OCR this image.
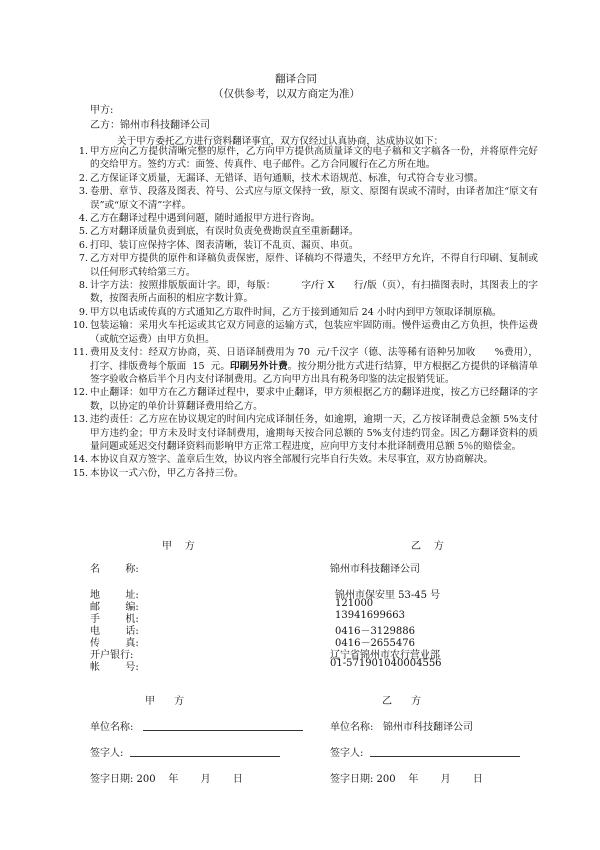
翻译合同
（仅供参考，以双方商定为准）
甲方:
乙方：锦州市科技翻译公司
关于甲方委托乙方进行资料翻译事宜，双方仅经过认真协商，达成协议如下：
1. 甲方应向乙方提供清晰完整的原件，乙方向甲方提供高质量译文的电子稿和文字稿各一份，并将原件完好的交给甲方。签约方式：面签、传真件、电子邮件。乙方合同履行在乙方所在地。
2. 乙方保证译文质量，无漏译、无错译、语句通顺，技术术语规范、标准，句式符合专业习惯。
3. 卷册、章节、段落及图表、符号、公式应与原文保持一致，原文、原图有误或不清时，由译者加注“原文有误”或“原文不清”字样。
4. 乙方在翻译过程中遇到问题，随时通报甲方进行咨询。
5. 乙方对翻译质量负责到底，有误时负责免费勘误直至重新翻译。
6. 打印、装订应保持字体、图表清晰，装订不乱页、漏页、串页。
7. 乙方对甲方提供的原件和译稿负责保密，原件、译稿均不得遗失，不经甲方允许，不得自行印刷、复制或以任何形式转给第三方。
8. 计字方法：按照排版版面计字。即，每版：        字/行 X      行/版（页），有扫描图表时，其图表上的字数，按图表所占面积的相应字数计算。
9. 甲方以电话或传真的方式通知乙方取件时间，乙方于接到通知后 24 小时内到甲方领取译制原稿。
10. 包装运输：采用火车托运或其它双方同意的运输方式，包装应牢固防雨。慢件运费由乙方负担，快件运费（或航空运费）由甲方负担。
11. 费用及支付：经双方协商，英、日语译制费用为 70  元/千汉字（德、法等稀有语种另加收      %费用），打字、排版费每个版面  15  元。印刷另外计费。按分期分批方式进行结算，甲方根据乙方提供的译稿清单签字验收合格后半个月内支付译制费用。乙方向甲方出具有税务印鉴的法定报销凭证。
12. 中止翻译：如甲方在乙方翻译过程中，要求中止翻译，甲方须根据乙方的翻译进度，按乙方已经翻译的字数，以协定的单价计算翻译费用给乙方。
13. 违约责任：乙方应在协议规定的时间内完成译制任务，如逾期，逾期一天，乙方按译制费总金额 5%支付甲方违约金；甲方未及时支付译制费用，逾期每天按合同总额的 5%支付违约罚金。因乙方翻译资料的质量问题或延迟交付翻译资料而影响甲方正常工程进度，应向甲方支付本批译制费用总额 5％的赔偿金。
14. 本协议自双方签字、盖章后生效，协议内容全部履行完毕自行失效。未尽事宜，双方协商解决。
15. 本协议一式六份，甲乙方各持三份。
甲    方	乙    方
名        称:	锦州市科技翻译公司
地        址:	锦州市保安里 53-45 号
邮        编:	121000
手        机:	13941699663
电        话:	0416－3129886
传        真:	0416－2655476
开户银行:	辽宁省锦州市农行营业部
帐        号:	01-571901040004556
甲      方	乙      方
单位名称:	单位名称: 锦州市科技翻译公司
签字人:	签字人:
签字日期: 200    年       月       日	签字日期: 200    年       月       日
